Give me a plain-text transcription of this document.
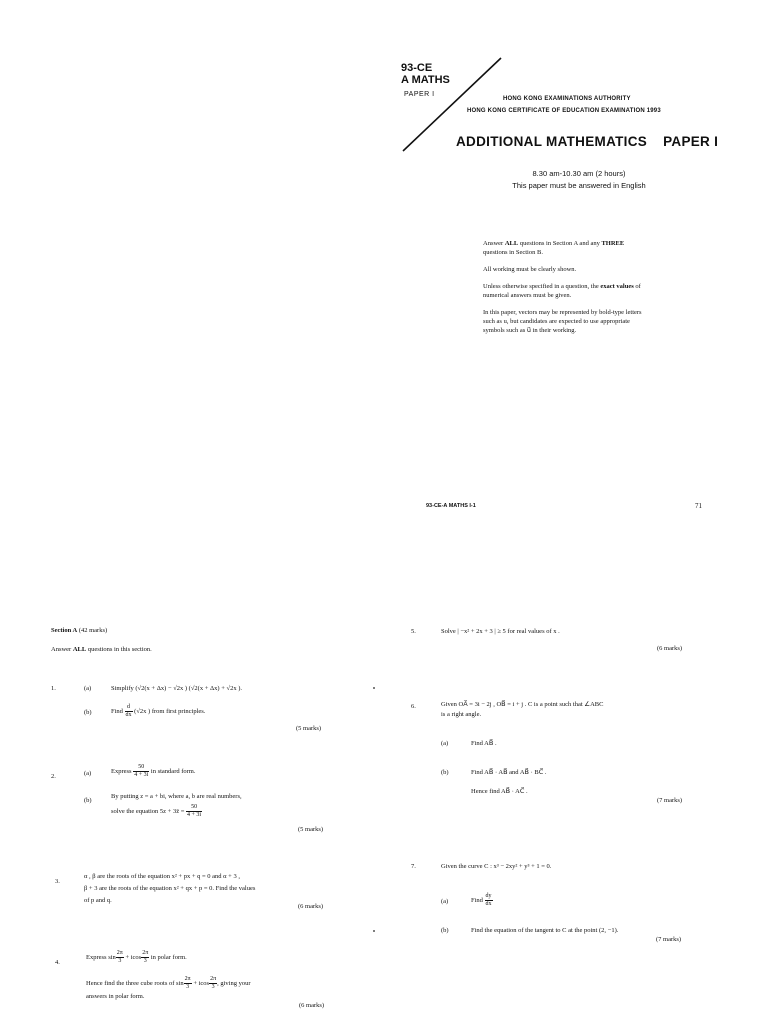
93-CE
A MATHS
PAPER I
HONG KONG EXAMINATIONS AUTHORITY
HONG KONG CERTIFICATE OF EDUCATION EXAMINATION 1993
ADDITIONAL MATHEMATICS PAPER I
8.30 am-10.30 am (2 hours)
This paper must be answered in English

Answer ALL questions in Section A and any THREE questions in Section B.

All working must be clearly shown.

Unless otherwise specified in a question, the exact values of numerical answers must be given.

In this paper, vectors may be represented by bold-type letters such as u, but candidates are expected to use appropriate symbols such as u⃗ in their working.

93-CE-A MATHS I-1	71
Section A (42 marks)
Answer ALL questions in this section.
1.	(a)	Simplify (√2(x + Δx) − √2x ) (√2(x + Δx) + √2x ).
(b)	Find $\frac{d}{dx} (√2x$ ) from first principles.
(5 marks)
2.	(a)	Express $\frac{50}{4 + 3i}$ in standard form.
(b)
By putting z = a + bi, where a, b are real numbers,
solve the equation 5z + 3z̄ = $\frac{50}{4 + 3i}$
(5 marks)
3.
α , β are the roots of the equation x² + px + q = 0 and α + 3 ,
β + 3 are the roots of the equation x² + qx + p = 0. Find the values
of p and q.
(6 marks)
4.
Express $\sin \frac{2\pi}{3} + icos \frac{2\pi}{3}$ in polar form.
Hence find the three cube roots of $\sin \frac{2\pi}{3} + icos \frac{2\pi}{3}$ , giving your
answers in polar form.
(6 marks)
5.	Solve | −x² + 2x + 3 | ≥ 5 for real values of x .
(6 marks)
6.	Given OA⃗ = 3i − 2j , OB⃗ = i + j . C is a point such that ∠ABC
is a right angle.
(a)	Find AB⃗ .
(b)	Find AB⃗ · AB⃗ and AB⃗ · BC⃗ .
Hence find AB⃗ · AC⃗ .
(7 marks)
7.	Given the curve C : x³ − 2xy² + y³ + 1 = 0.
(a)	Find $\frac{dy}{dx}$
(b)	Find the equation of the tangent to C at the point (2, −1).
(7 marks)
